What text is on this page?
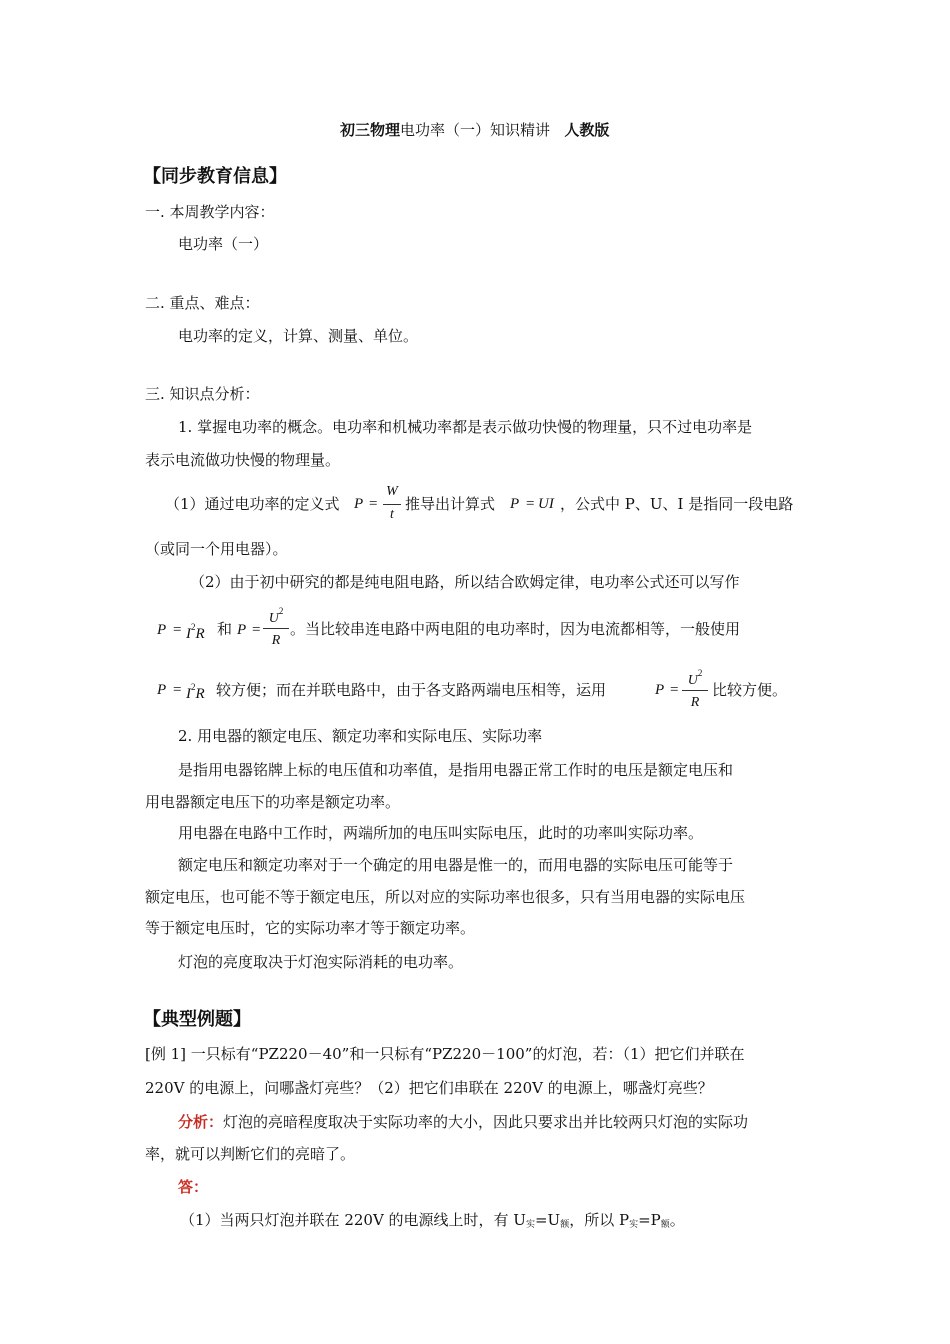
初三物理电功率（一）知识精讲 人教版
【同步教育信息】
一. 本周教学内容：
电功率（一）
二. 重点、难点：
电功率的定义，计算、测量、单位。
三. 知识点分析：
1. 掌握电功率的概念。电功率和机械功率都是表示做功快慢的物理量，只不过电功率是
表示电流做功快慢的物理量。
（1）通过电功率的定义式 P =
W
t
推导出计算式 P = UI ，公式中 P、U、I 是指同一段电路
（或同一个用电器）。
（2）由于初中研究的都是纯电阻电路，所以结合欧姆定律，电功率公式还可以写作
$P = I^2R$ 和 P =
$U^2$
R
。当比较串连电路中两电阻的电功率时，因为电流都相等，一般使用
$P = I^2R$ 较方便；而在并联电路中，由于各支路两端电压相等，运用	P =
$U^2$
R
比较方便。
2. 用电器的额定电压、额定功率和实际电压、实际功率
是指用电器铭牌上标的电压值和功率值，是指用电器正常工作时的电压是额定电压和
用电器额定电压下的功率是额定功率。
用电器在电路中工作时，两端所加的电压叫实际电压，此时的功率叫实际功率。
额定电压和额定功率对于一个确定的用电器是惟一的，而用电器的实际电压可能等于
额定电压，也可能不等于额定电压，所以对应的实际功率也很多，只有当用电器的实际电压
等于额定电压时，它的实际功率才等于额定功率。
灯泡的亮度取决于灯泡实际消耗的电功率。
【典型例题】
[例 1] 一只标有“PZ220－40”和一只标有“PZ220－100”的灯泡，若：（1）把它们并联在
220V 的电源上，问哪盏灯亮些？（2）把它们串联在 220V 的电源上，哪盏灯亮些？
分析：灯泡的亮暗程度取决于实际功率的大小，因此只要求出并比较两只灯泡的实际功
率，就可以判断它们的亮暗了。
答：
（1）当两只灯泡并联在 220V 的电源线上时，有 $U_实=U_额$，所以 $P_实=P_额$。
